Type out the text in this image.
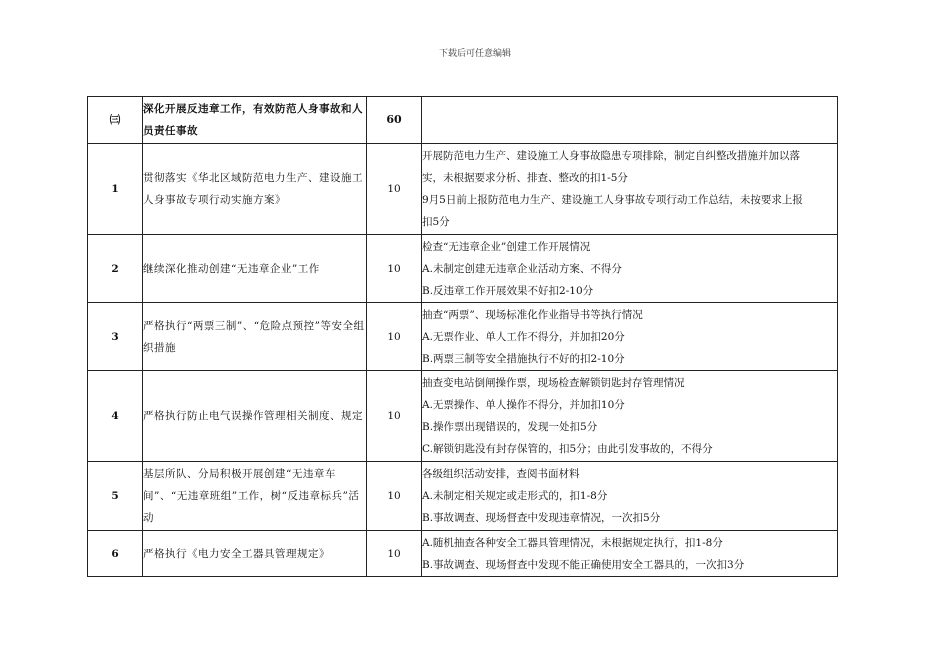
下载后可任意编辑
㈢	深化开展反违章工作，有效防范人身事故和人员责任事故	60	
1	贯彻落实《华北区域防范电力生产、建设施工人身事故专项行动实施方案》	10	开展防范电力生产、建设施工人身事故隐患专项排除，制定自纠整改措施并加以落
实，未根据要求分析、排查、整改的扣1-5分
9月5日前上报防范电力生产、建设施工人身事故专项行动工作总结，未按要求上报
扣5分

2	继续深化推动创建“无违章企业”工作	10	检查“无违章企业”创建工作开展情况
A.未制定创建无违章企业活动方案、不得分
B.反违章工作开展效果不好扣2-10分

3	严格执行“两票三制”、“危险点预控”等安全组织措施	10	抽查“两票”、现场标准化作业指导书等执行情况
A.无票作业、单人工作不得分，并加扣20分
B.两票三制等安全措施执行不好的扣2-10分

4	严格执行防止电气误操作管理相关制度、规定	10	抽查变电站倒闸操作票，现场检查解锁钥匙封存管理情况
A.无票操作、单人操作不得分，并加扣10分
B.操作票出现错误的，发现一处扣5分
C.解锁钥匙没有封存保管的，扣5分；由此引发事故的，不得分

5	基层所队、分局积极开展创建“无违章车间”、“无违章班组”工作，树“反违章标兵”活动	10	各级组织活动安排，查阅书面材料
A.未制定相关规定或走形式的，扣1-8分
B.事故调查、现场督查中发现违章情况，一次扣5分

6	严格执行《电力安全工器具管理规定》	10	A.随机抽查各种安全工器具管理情况，未根据规定执行，扣1-8分
B.事故调查、现场督查中发现不能正确使用安全工器具的，一次扣3分
